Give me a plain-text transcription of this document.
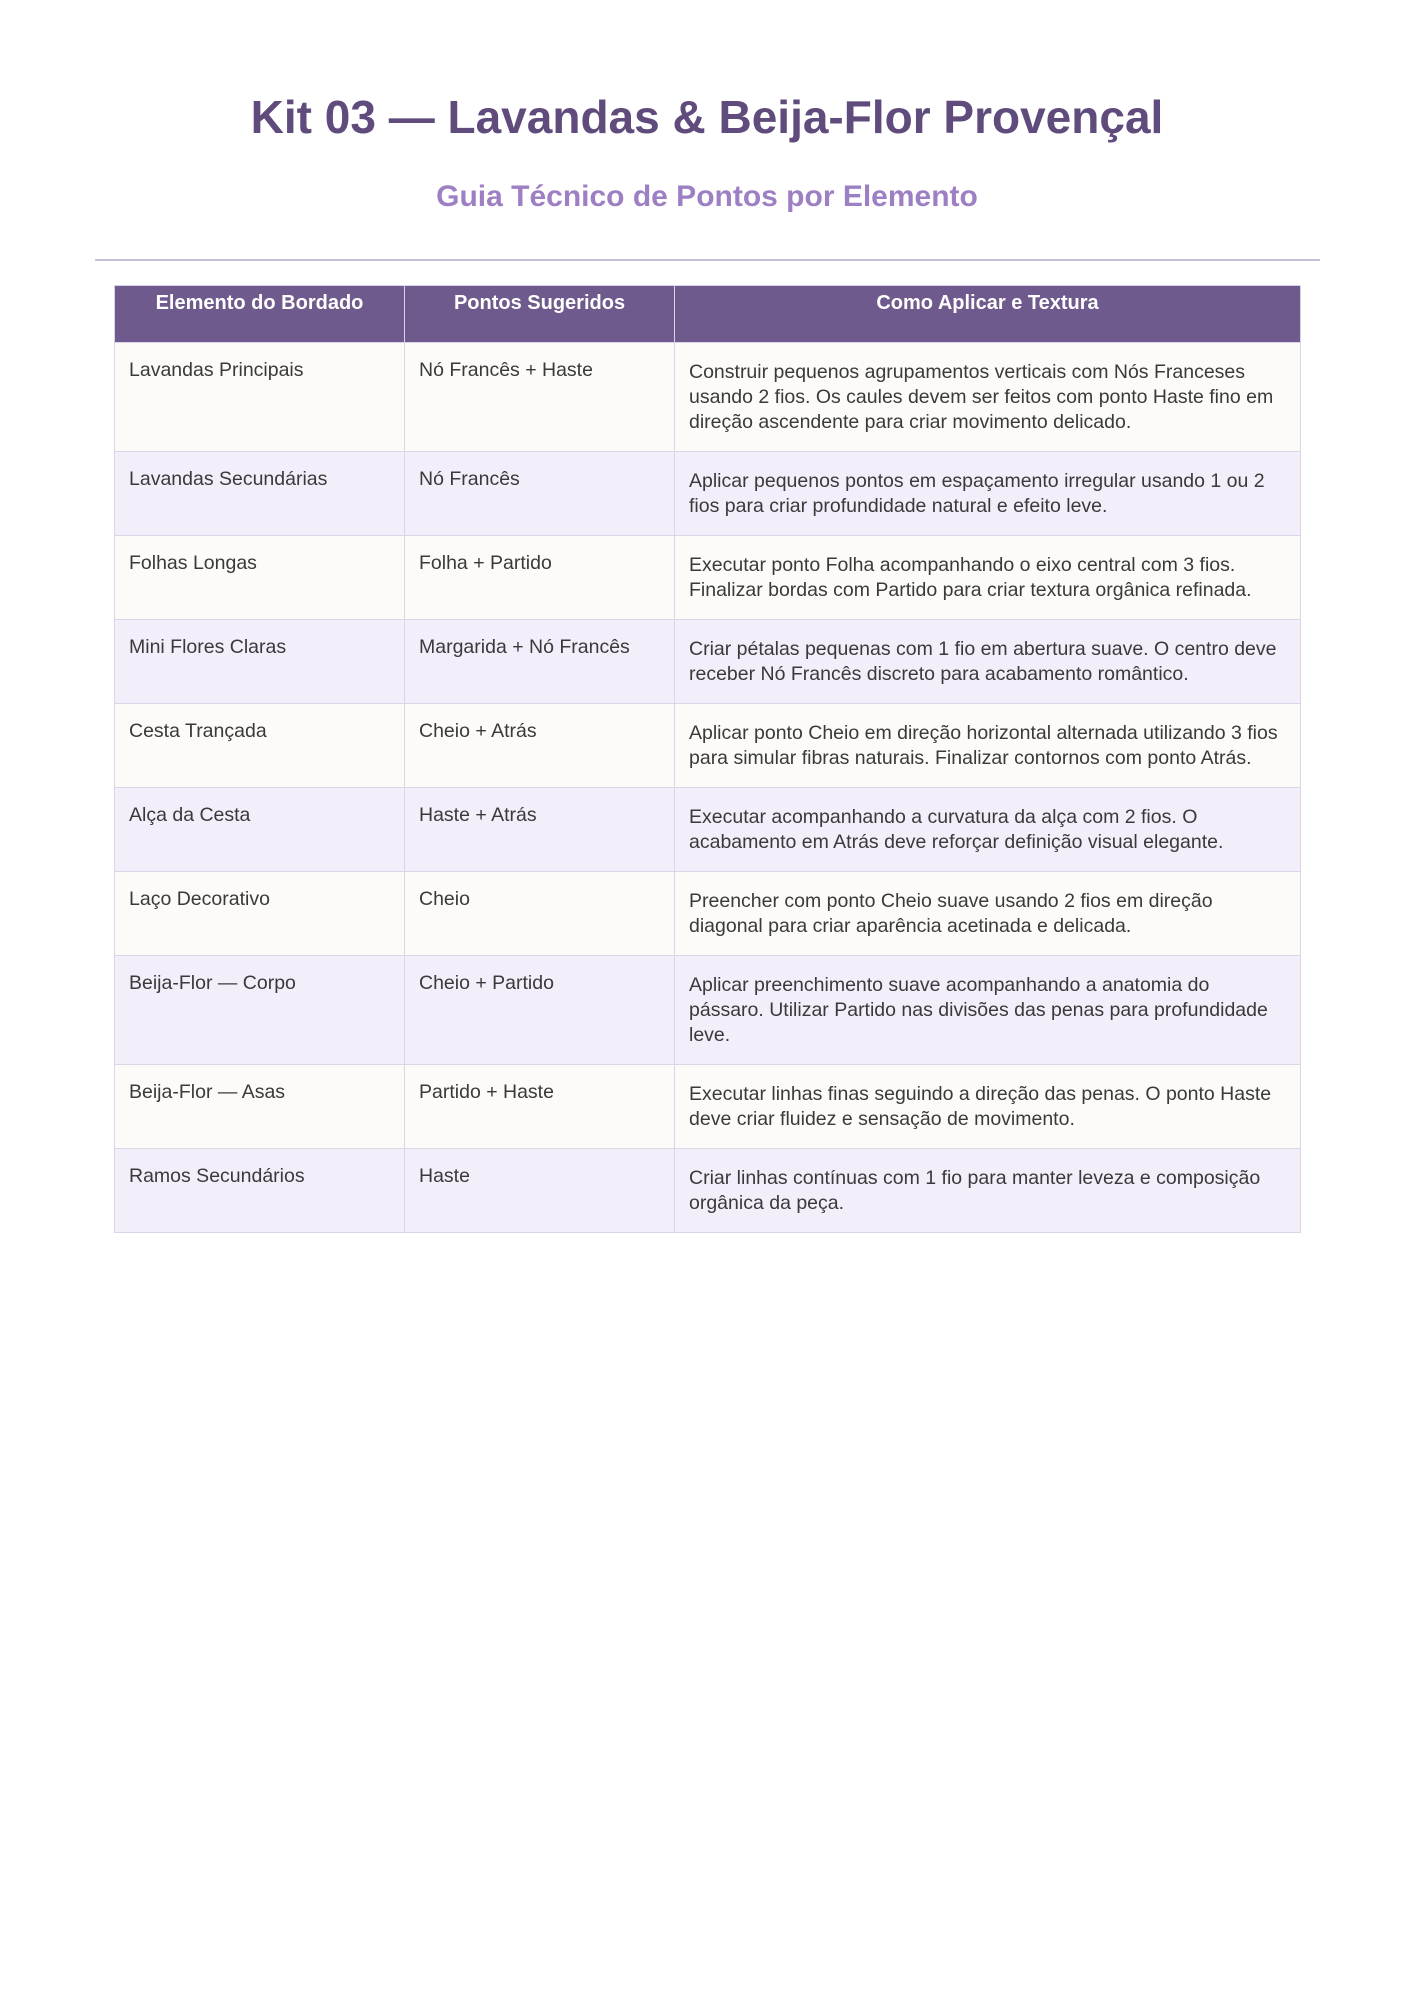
Kit 03 — Lavandas & Beija-Flor Provençal
Guia Técnico de Pontos por Elemento
Elemento do Bordado	Pontos Sugeridos	Como Aplicar e Textura
Lavandas Principais	Nó Francês + Haste	Construir pequenos agrupamentos verticais com Nós Franceses usando 2 fios. Os caules devem ser feitos com ponto Haste fino em direção ascendente para criar movimento delicado.
Lavandas Secundárias	Nó Francês	Aplicar pequenos pontos em espaçamento irregular usando 1 ou 2 fios para criar profundidade natural e efeito leve.
Folhas Longas	Folha + Partido	Executar ponto Folha acompanhando o eixo central com 3 fios. Finalizar bordas com Partido para criar textura orgânica refinada.
Mini Flores Claras	Margarida + Nó Francês	Criar pétalas pequenas com 1 fio em abertura suave. O centro deve receber Nó Francês discreto para acabamento romântico.
Cesta Trançada	Cheio + Atrás	Aplicar ponto Cheio em direção horizontal alternada utilizando 3 fios para simular fibras naturais. Finalizar contornos com ponto Atrás.
Alça da Cesta	Haste + Atrás	Executar acompanhando a curvatura da alça com 2 fios. O acabamento em Atrás deve reforçar definição visual elegante.
Laço Decorativo	Cheio	Preencher com ponto Cheio suave usando 2 fios em direção diagonal para criar aparência acetinada e delicada.
Beija-Flor — Corpo	Cheio + Partido	Aplicar preenchimento suave acompanhando a anatomia do pássaro. Utilizar Partido nas divisões das penas para profundidade leve.
Beija-Flor — Asas	Partido + Haste	Executar linhas finas seguindo a direção das penas. O ponto Haste deve criar fluidez e sensação de movimento.
Ramos Secundários	Haste	Criar linhas contínuas com 1 fio para manter leveza e composição orgânica da peça.
